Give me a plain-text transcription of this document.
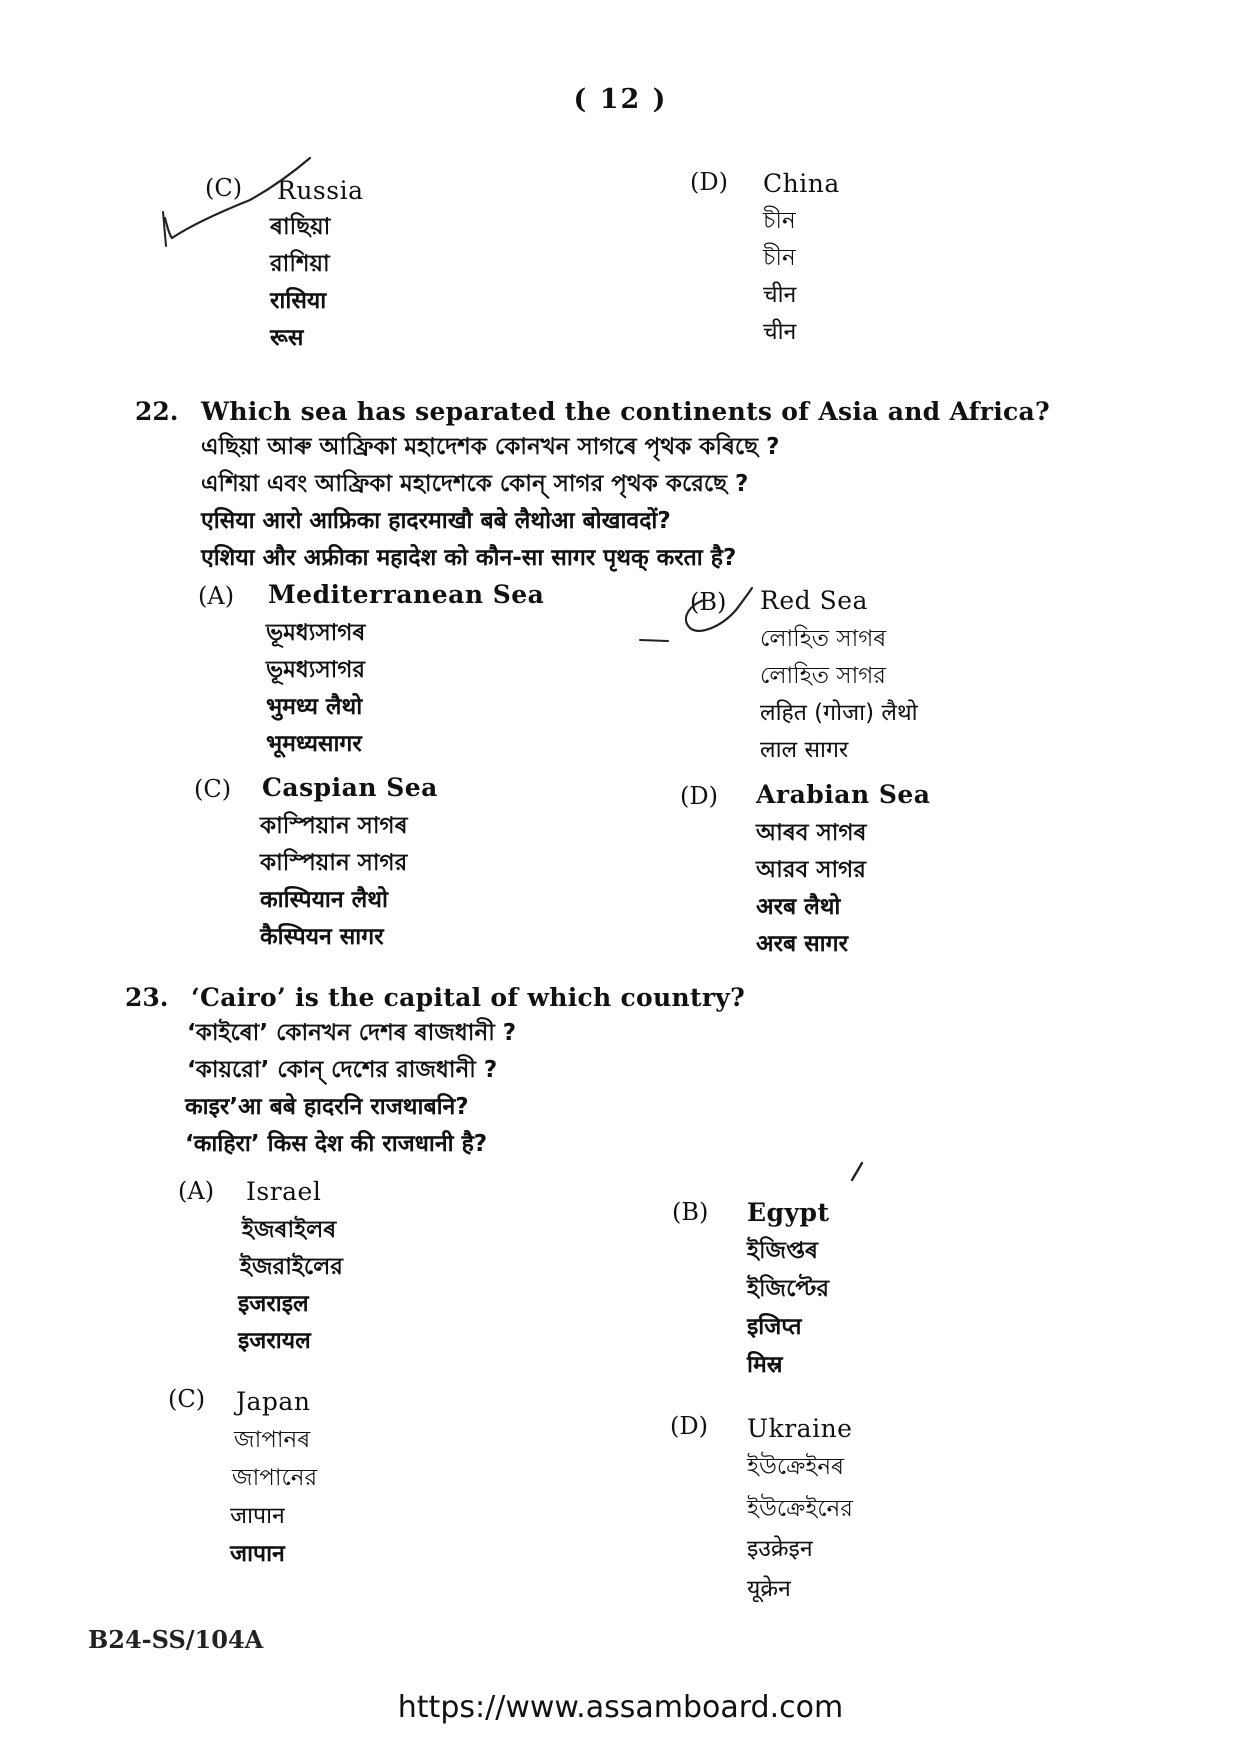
( 12 )
(C) Russia
ৰাছিয়া
রাশিয়া
रासिया
रूस
(D) China
চীন
চীন
चीन
चीन
22. Which sea has separated the continents of Asia and Africa?
এছিয়া আৰু আফ্ৰিকা মহাদেশক কোনখন সাগৰে পৃথক কৰিছে ?
এশিয়া এবং আফ্রিকা মহাদেশকে কোন্ সাগর পৃথক করেছে ?
एसिया आरो आफ्रिका हादरमाखौ बबे लैथोआ बोखावदों?
एशिया और अफ्रीका महादेश को कौन-सा सागर पृथक् करता है?
(A) Mediterranean Sea
ভূমধ্যসাগৰ
ভূমধ্যসাগর
भुमध्य लैथो
भूमध्यसागर
(B) Red Sea
লোহিত সাগৰ
লোহিত সাগর
लहित (गोजा) लैथो
लाल सागर
(C) Caspian Sea
কাস্পিয়ান সাগৰ
কাস্পিয়ান সাগর
कास्पियान लैथो
कैस्पियन सागर
(D) Arabian Sea
আৰব সাগৰ
আরব সাগর
अरब लैथो
अरब सागर
23. ‘Cairo’ is the capital of which country?
‘কাইৰো’ কোনখন দেশৰ ৰাজধানী ?
‘কায়রো’ কোন্ দেশের রাজধানী ?
काइर’आ बबे हादरनि राजथाबनि?
‘काहिरा’ किस देश की राजधानी है?
(A) Israel
ইজৰাইলৰ
ইজরাইলের
इजराइल
इजरायल
(B) Egypt
ইজিপ্তৰ
ইজিপ্টের
इजिप्त
मिस्र
(C) Japan
জাপানৰ
জাপানের
जापान
जापान
(D) Ukraine
ইউক্ৰেইনৰ
ইউক্রেইনের
इउक्रेइन
यूक्रेन
B24-SS/104A
https://www.assamboard.com
